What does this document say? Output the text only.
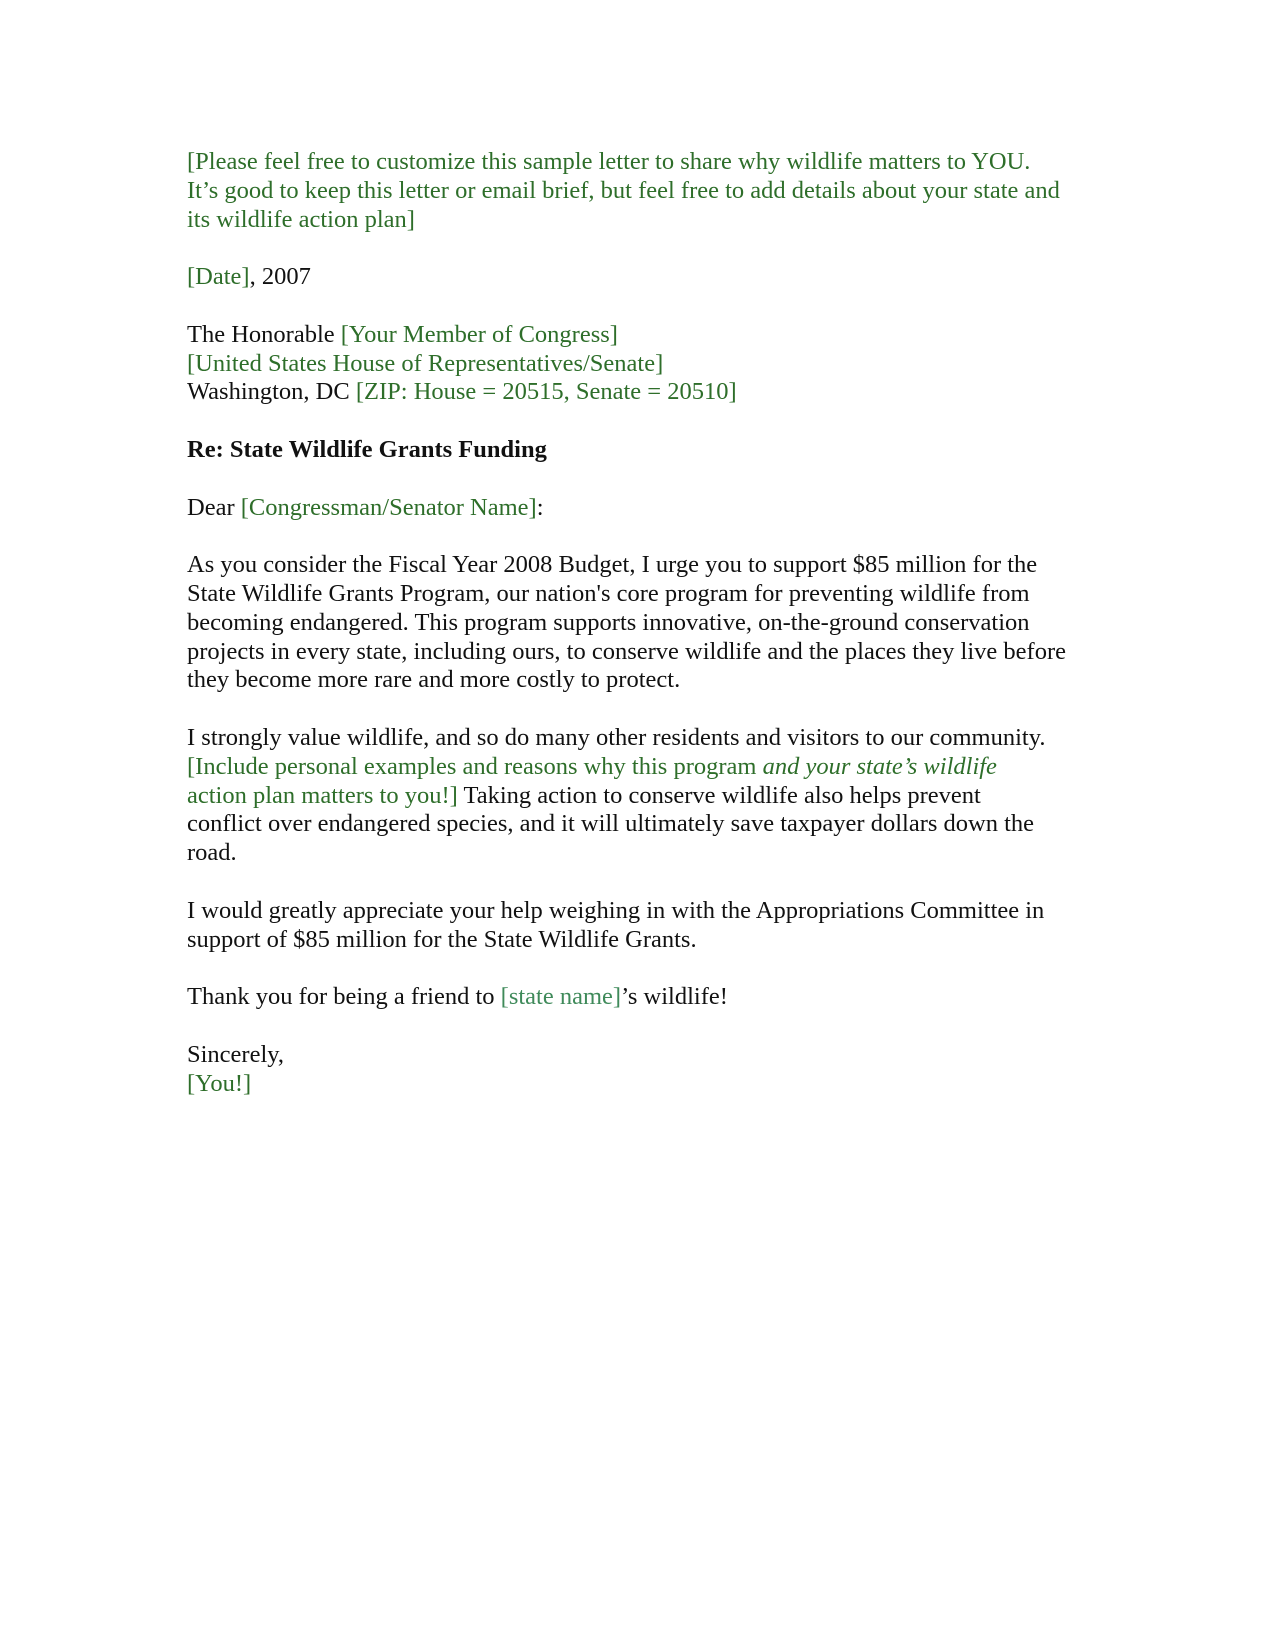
[Please feel free to customize this sample letter to share why wildlife matters to YOU.
It’s good to keep this letter or email brief, but feel free to add details about your state and
its wildlife action plan]
[Date], 2007
The Honorable [Your Member of Congress]
[United States House of Representatives/Senate]
Washington, DC [ZIP: House = 20515, Senate = 20510]
Re: State Wildlife Grants Funding
Dear [Congressman/Senator Name]:
As you consider the Fiscal Year 2008 Budget, I urge you to support $85 million for the
State Wildlife Grants Program, our nation's core program for preventing wildlife from
becoming endangered. This program supports innovative, on-the-ground conservation
projects in every state, including ours, to conserve wildlife and the places they live before
they become more rare and more costly to protect.
I strongly value wildlife, and so do many other residents and visitors to our community.
[Include personal examples and reasons why this program and your state’s wildlife
action plan matters to you!] Taking action to conserve wildlife also helps prevent
conflict over endangered species, and it will ultimately save taxpayer dollars down the
road.
I would greatly appreciate your help weighing in with the Appropriations Committee in
support of $85 million for the State Wildlife Grants.
Thank you for being a friend to [state name]’s wildlife!
Sincerely,
[You!]
